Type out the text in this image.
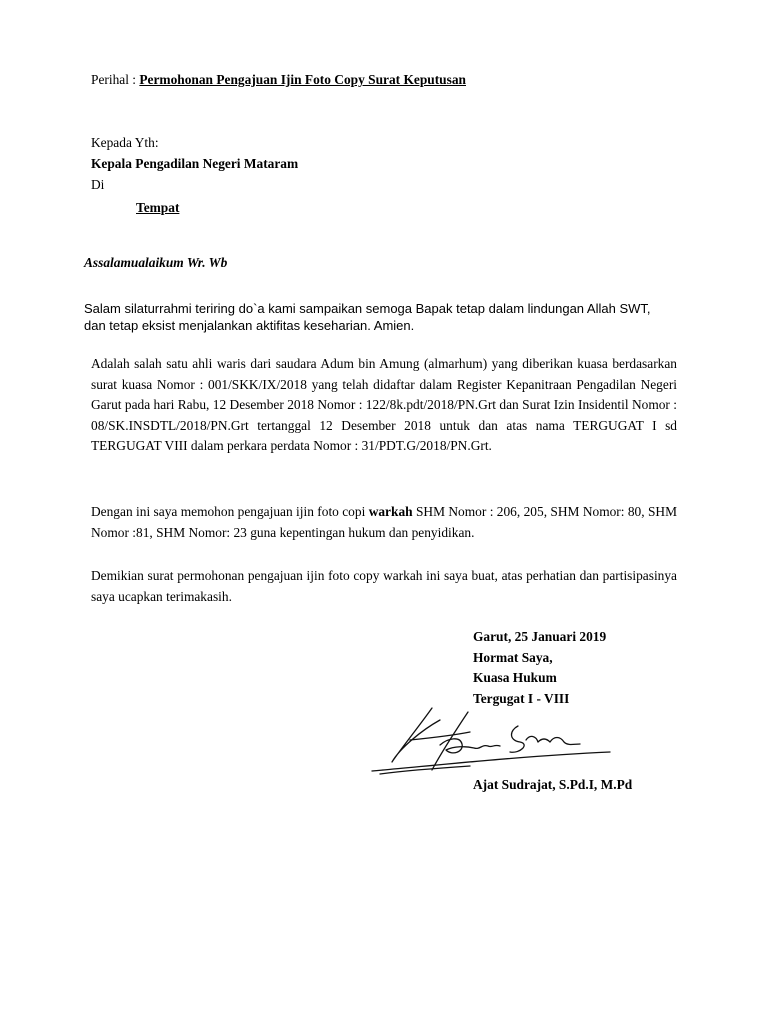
Perihal : Permohonan Pengajuan Ijin Foto Copy Surat Keputusan
Kepada Yth:
Kepala Pengadilan Negeri Mataram
Di
Tempat
Assalamualaikum Wr. Wb
Salam silaturrahmi teriring do`a kami sampaikan semoga Bapak tetap dalam lindungan Allah SWT,
dan tetap eksist menjalankan aktifitas keseharian. Amien.

Adalah salah satu ahli waris dari saudara Adum bin Amung (almarhum) yang diberikan kuasa berdasarkan surat kuasa Nomor : 001/SKK/IX/2018 yang telah didaftar dalam Register Kepanitraan Pengadilan Negeri Garut pada hari Rabu, 12 Desember 2018 Nomor : 122/8k.pdt/2018/PN.Grt dan Surat Izin Insidentil Nomor : 08/SK.INSDTL/2018/PN.Grt tertanggal 12 Desember 2018 untuk dan atas nama TERGUGAT I sd TERGUGAT VIII dalam perkara perdata Nomor : 31/PDT.G/2018/PN.Grt.

Dengan ini saya memohon pengajuan ijin foto copi warkah SHM Nomor : 206, 205, SHM Nomor: 80, SHM Nomor :81, SHM Nomor: 23 guna kepentingan hukum dan penyidikan.

Demikian surat permohonan pengajuan ijin foto copy warkah ini saya buat, atas perhatian dan partisipasinya saya ucapkan terimakasih.

Garut, 25 Januari 2019
Hormat Saya,
Kuasa Hukum
Tergugat I - VIII
Ajat Sudrajat, S.Pd.I, M.Pd
